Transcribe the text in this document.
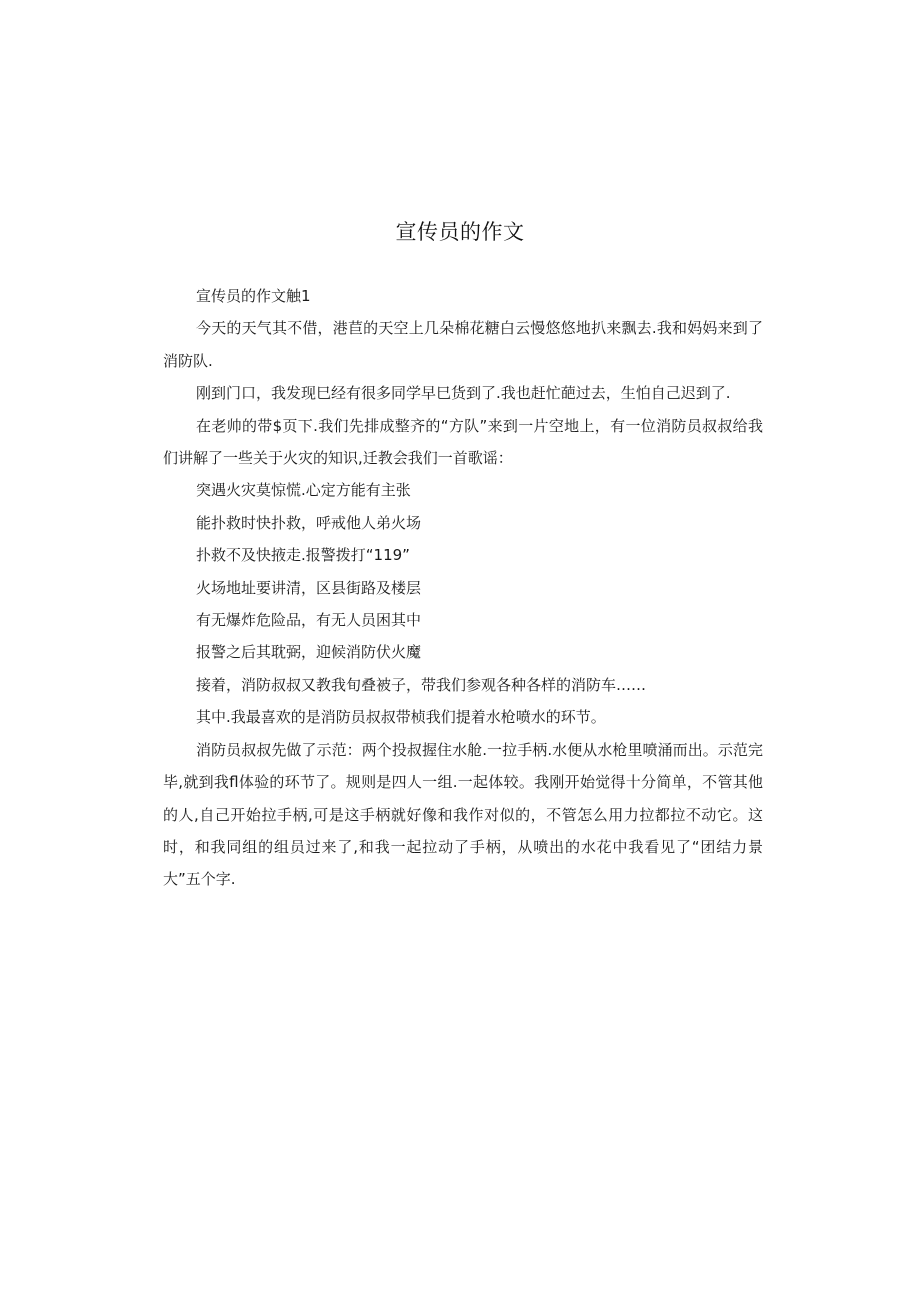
宣传员的作文

宣传员的作文触1

今天的天气其不借，港苣的天空上几朵棉花糖白云慢悠悠地扒来飘去.我和妈妈来到了消防队.

刚到门口，我发现巳经有很多同学早巳货到了.我也赶忙葩过去，生怕自己迟到了.

在老帅的带$页下.我们先排成整齐的“方队”来到一片空地上，有一位消防员叔叔给我们讲解了一些关于火灾的知识,迁教会我们一首歌谣：

突遇火灾莫惊慌.心定方能有主张

能扑救时快扑救，呼戒他人弟火场

扑救不及快掖走.报警拨打“119”

火场地址要讲清，区县街路及楼层

有无爆炸危险品，有无人员困其中

报警之后其耽弼，迎候消防伏火魔

接着，消防叔叔又教我旬叠被子，带我们参观各种各样的消防车……

其中.我最喜欢的是消防员叔叔带桢我们提着水枪喷水的环节。

消防员叔叔先做了示范：两个投叔握住水舱.一拉手柄.水便从水枪里喷涌而出。示范完毕,就到我fl体验的环节了。规则是四人一组.一起体较。我刚开始觉得十分简单，不管其他的人,自己开始拉手柄,可是这手柄就好像和我作对似的，不管怎么用力拉都拉不动它。这时，和我同组的组员过来了,和我一起拉动了手柄，从喷出的水花中我看见了“团结力景大”五个字.
